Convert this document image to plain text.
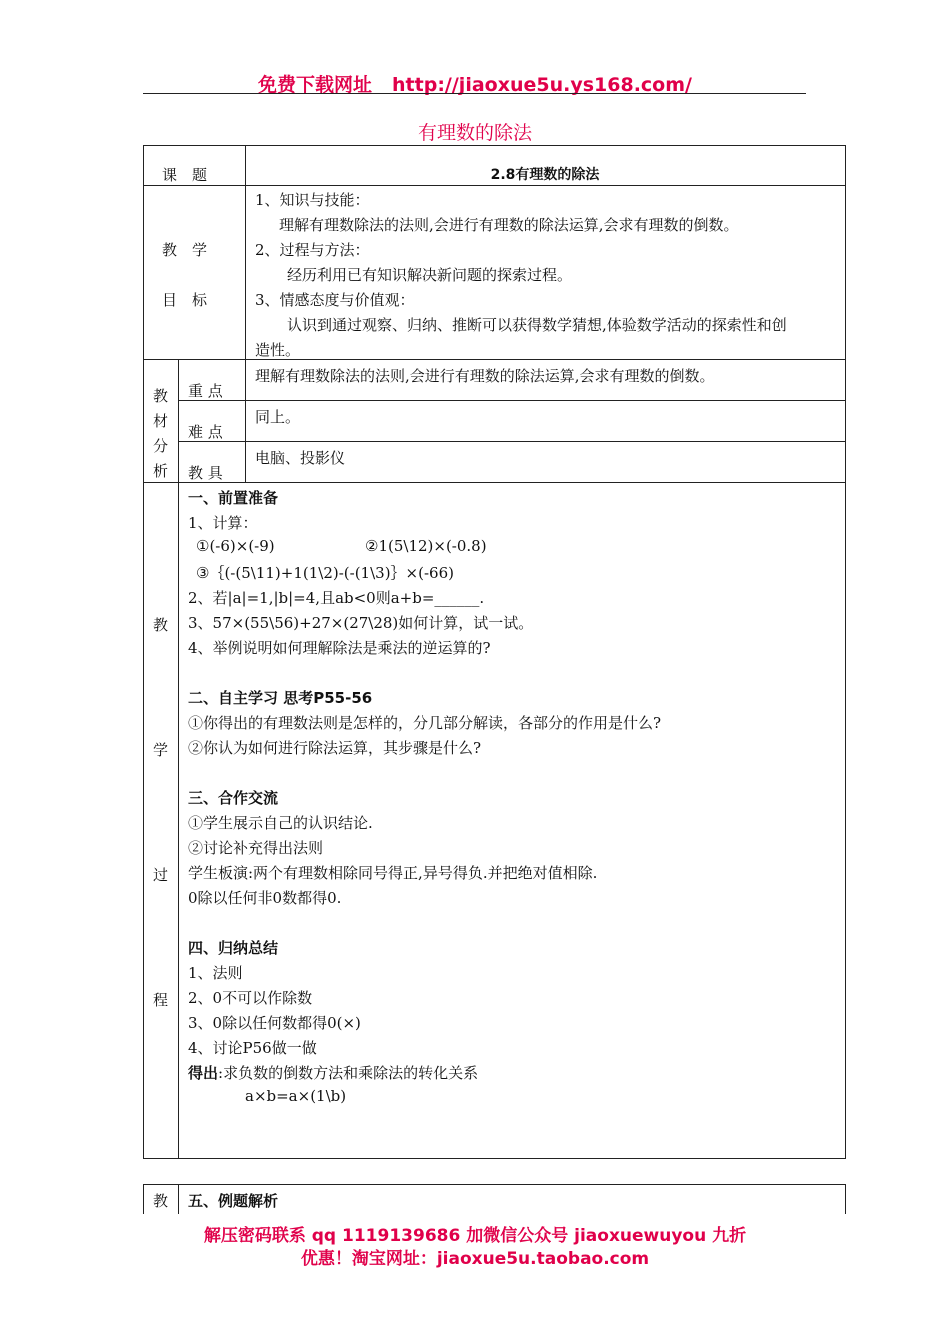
免费下载网址 http://jiaoxue5u.ys168.com/
有理数的除法
课　题	2.8有理数的除法
教　学
目　标
1、知识与技能：
理解有理数除法的法则,会进行有理数的除法运算,会求有理数的倒数。
2、过程与方法：
经历利用已有知识解决新问题的探索过程。
3、情感态度与价值观：
认识到通过观察、归纳、推断可以获得数学猜想,体验数学活动的探索性和创
造性。
教
材
分
析
重 点
理解有理数除法的法则,会进行有理数的除法运算,会求有理数的倒数。
难 点
同上。
教 具
电脑、投影仪
教
学
过
程
一、前置准备
1、计算：
①(-6)×(-9)	②1(5\12)×(-0.8)
③｛(-(5\11)+1(1\2)-(-(1\3)｝×(-66)
2、若|a|=1,|b|=4,且ab<0则a+b=______.
3、57×(55\56)+27×(27\28)如何计算，试一试。
4、举例说明如何理解除法是乘法的逆运算的?
二、自主学习 思考P55-56
①你得出的有理数法则是怎样的，分几部分解读，各部分的作用是什么?
②你认为如何进行除法运算，其步骤是什么?
三、合作交流
①学生展示自己的认识结论.
②讨论补充得出法则
学生板演:两个有理数相除同号得正,异号得负.并把绝对值相除.
0除以任何非0数都得0.
四、归纳总结
1、法则
2、0不可以作除数
3、0除以任何数都得0(×)
4、讨论P56做一做
得出:求负数的倒数方法和乘除法的转化关系
a×b=a×(1\b)
教 五、例题解析
解压密码联系 qq 1119139686 加微信公众号 jiaoxuewuyou 九折
优惠！淘宝网址：jiaoxue5u.taobao.com
